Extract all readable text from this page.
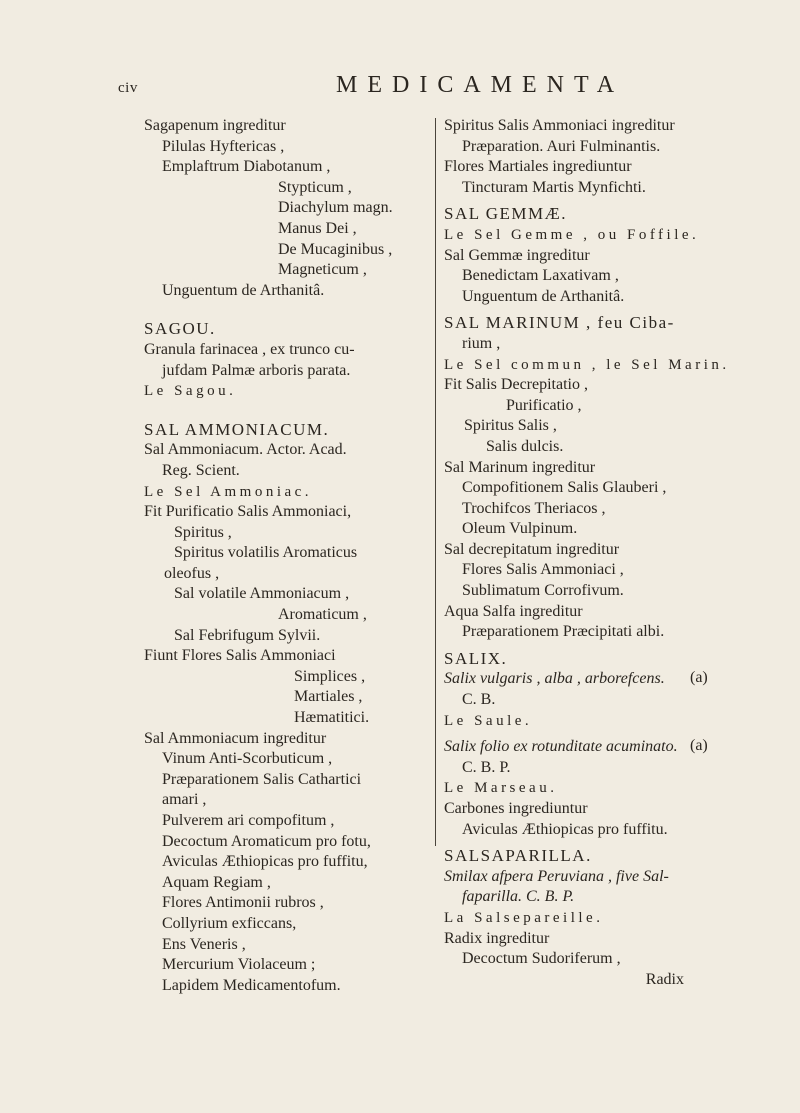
civ	MEDICAMENTA
Sagapenum ingreditur
Pilulas Hyftericas ,
Emplaftrum Diabotanum ,
Stypticum ,
Diachylum magn.
Manus Dei ,
De Mucaginibus ,
Magneticum ,
Unguentum de Arthanitâ.
SAGOU.
Granula farinacea , ex trunco cu-
jufdam Palmæ arboris parata.
Le Sagou.
SAL AMMONIACUM.
Sal Ammoniacum. Actor. Acad.
Reg. Scient.
Le Sel Ammoniac.
Fit Purificatio Salis Ammoniaci,
Spiritus ,
Spiritus volatilis Aromaticus
oleofus ,
Sal volatile Ammoniacum ,
Aromaticum ,
Sal Febrifugum Sylvii.
Fiunt Flores Salis Ammoniaci
Simplices ,
Martiales ,
Hæmatitici.
Sal Ammoniacum ingreditur
Vinum Anti-Scorbuticum ,
Præparationem Salis Cathartici
amari ,
Pulverem ari compofitum ,
Decoctum Aromaticum pro fotu,
Aviculas Æthiopicas pro fuffitu,
Aquam Regiam ,
Flores Antimonii rubros ,
Collyrium exficcans,
Ens Veneris ,
Mercurium Violaceum ;
Lapidem Medicamentofum.
Spiritus Salis Ammoniaci ingreditur
Præparation. Auri Fulminantis.
Flores Martiales ingrediuntur
Tincturam Martis Mynfichti.
SAL GEMMÆ.
Le Sel Gemme , ou Foffile.
Sal Gemmæ ingreditur
Benedictam Laxativam ,
Unguentum de Arthanitâ.
SAL MARINUM , feu Ciba-
rium ,
Le Sel commun , le Sel Marin.
Fit Salis Decrepitatio ,
Purificatio ,
Spiritus Salis ,
Salis dulcis.
Sal Marinum ingreditur
Compofitionem Salis Glauberi ,
Trochifcos Theriacos ,
Oleum Vulpinum.
Sal decrepitatum ingreditur
Flores Salis Ammoniaci ,
Sublimatum Corrofivum.
Aqua Salfa ingreditur
Præparationem Præcipitati albi.
SALIX.
Salix vulgaris , alba , arborefcens.
C. B.
Le Saule.
Salix folio ex rotunditate acuminato.
C. B. P.
Le Marseau.
Carbones ingrediuntur
Aviculas Æthiopicas pro fuffitu.
SALSAPARILLA.
Smilax afpera Peruviana , five Sal-
faparilla. C. B. P.
La Salsepareille.
Radix ingreditur
Decoctum Sudoriferum ,
Radix
(a)
(a)
